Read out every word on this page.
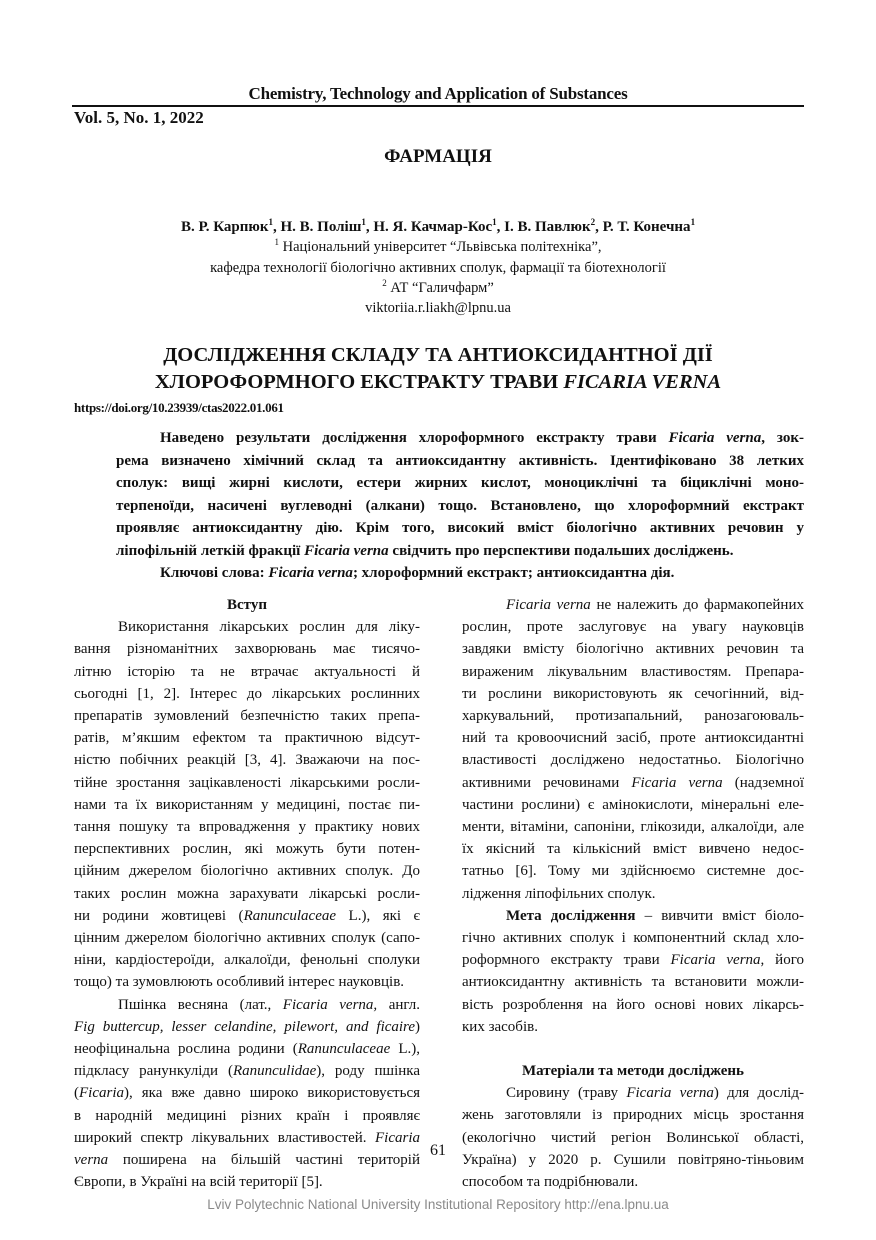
Chemistry, Technology and Application of Substances
Vol. 5, No. 1, 2022
ФАРМАЦІЯ
В. Р. Карпюк$^1$, Н. В. Поліш$^1$, Н. Я. Качмар-Кос$^1$, І. В. Павлюк$^2$, Р. Т. Конечна$^1$
$^1$ Національний університет “Львівська політехніка”,
кафедра технології біологічно активних сполук, фармації та біотехнології
$^2$ АТ “Галичфарм”
viktoriia.r.liakh@lpnu.ua
ДОСЛІДЖЕННЯ СКЛАДУ ТА АНТИОКСИДАНТНОЇ ДІЇ
ХЛОРОФОРМНОГО ЕКСТРАКТУ ТРАВИ FICARIA VERNA
https://doi.org/10.23939/ctas2022.01.061
Наведено результати дослідження хлороформного екстракту трави Ficaria verna, зок-
рема визначено хімічний склад та антиоксидантну активність. Ідентифіковано 38 летких
сполук: вищі жирні кислоти, естери жирних кислот, моноциклічні та біциклічні моно-
терпеноїди, насичені вуглеводні (алкани) тощо. Встановлено, що хлороформний екстракт
проявляє антиоксидантну дію. Крім того, високий вміст біологічно активних речовин у
ліпофільній леткій фракції Ficaria verna свідчить про перспективи подальших досліджень.
Ключові слова: Ficaria verna; хлороформний екстракт; антиоксидантна дія.
Вступ
Використання лікарських рослин для ліку-
вання різноманітних захворювань має тисячо-
літню історію та не втрачає актуальності й
сьогодні [1, 2]. Інтерес до лікарських рослинних
препаратів зумовлений безпечністю таких препа-
ратів, м’якшим ефектом та практичною відсут-
ністю побічних реакцій [3, 4]. Зважаючи на пос-
тійне зростання зацікавленості лікарськими росли-
нами та їх використанням у медицині, постає пи-
тання пошуку та впровадження у практику нових
перспективних рослин, які можуть бути потен-
ційним джерелом біологічно активних сполук. До
таких рослин можна зарахувати лікарські росли-
ни родини жовтицеві (Ranunculaceae L.), які є
цінним джерелом біологічно активних сполук (сапо-
ніни, кардіостероїди, алкалоїди, фенольні сполуки
тощо) та зумовлюють особливий інтерес науковців.
Пшінка весняна (лат., Ficaria verna, англ.
Fig buttercup, lesser celandine, pilewort, and ficaire)
неофіцинальна рослина родини (Ranunculaceae L.),
підкласу ранункуліди (Ranunculidae), роду пшінка
(Ficaria), яка вже давно широко використовується
в народній медицині різних країн і проявляє
широкий спектр лікувальних властивостей. Ficaria
verna поширена на більшій частині територій
Європи, в Україні на всій території [5].
Ficaria verna не належить до фармакопейних
рослин, проте заслуговує на увагу науковців
завдяки вмісту біологічно активних речовин та
вираженим лікувальним властивостям. Препара-
ти рослини використовують як сечогінний, від-
харкувальний, протизапальний, ранозагоюваль-
ний та кровоочисний засіб, проте антиоксидантні
властивості досліджено недостатньо. Біологічно
активними речовинами Ficaria verna (надземної
частини рослини) є амінокислоти, мінеральні еле-
менти, вітаміни, сапоніни, глікозиди, алкалоїди, але
їх якісний та кількісний вміст вивчено недос-
татньо [6]. Тому ми здійснюємо системне дос-
лідження ліпофільних сполук.
Мета дослідження – вивчити вміст біоло-
гічно активних сполук і компонентний склад хло-
роформного екстракту трави Ficaria verna, його
антиоксидантну активність та встановити можли-
вість розроблення на його основі нових лікарсь-
ких засобів.
Матеріали та методи досліджень
Сировину (траву Ficaria verna) для дослід-
жень заготовляли із природних місць зростання
(екологічно чистий регіон Волинської області,
Україна) у 2020 р. Сушили повітряно-тіньовим
способом та подрібнювали.
61
Lviv Polytechnic National University Institutional Repository http://ena.lpnu.ua
